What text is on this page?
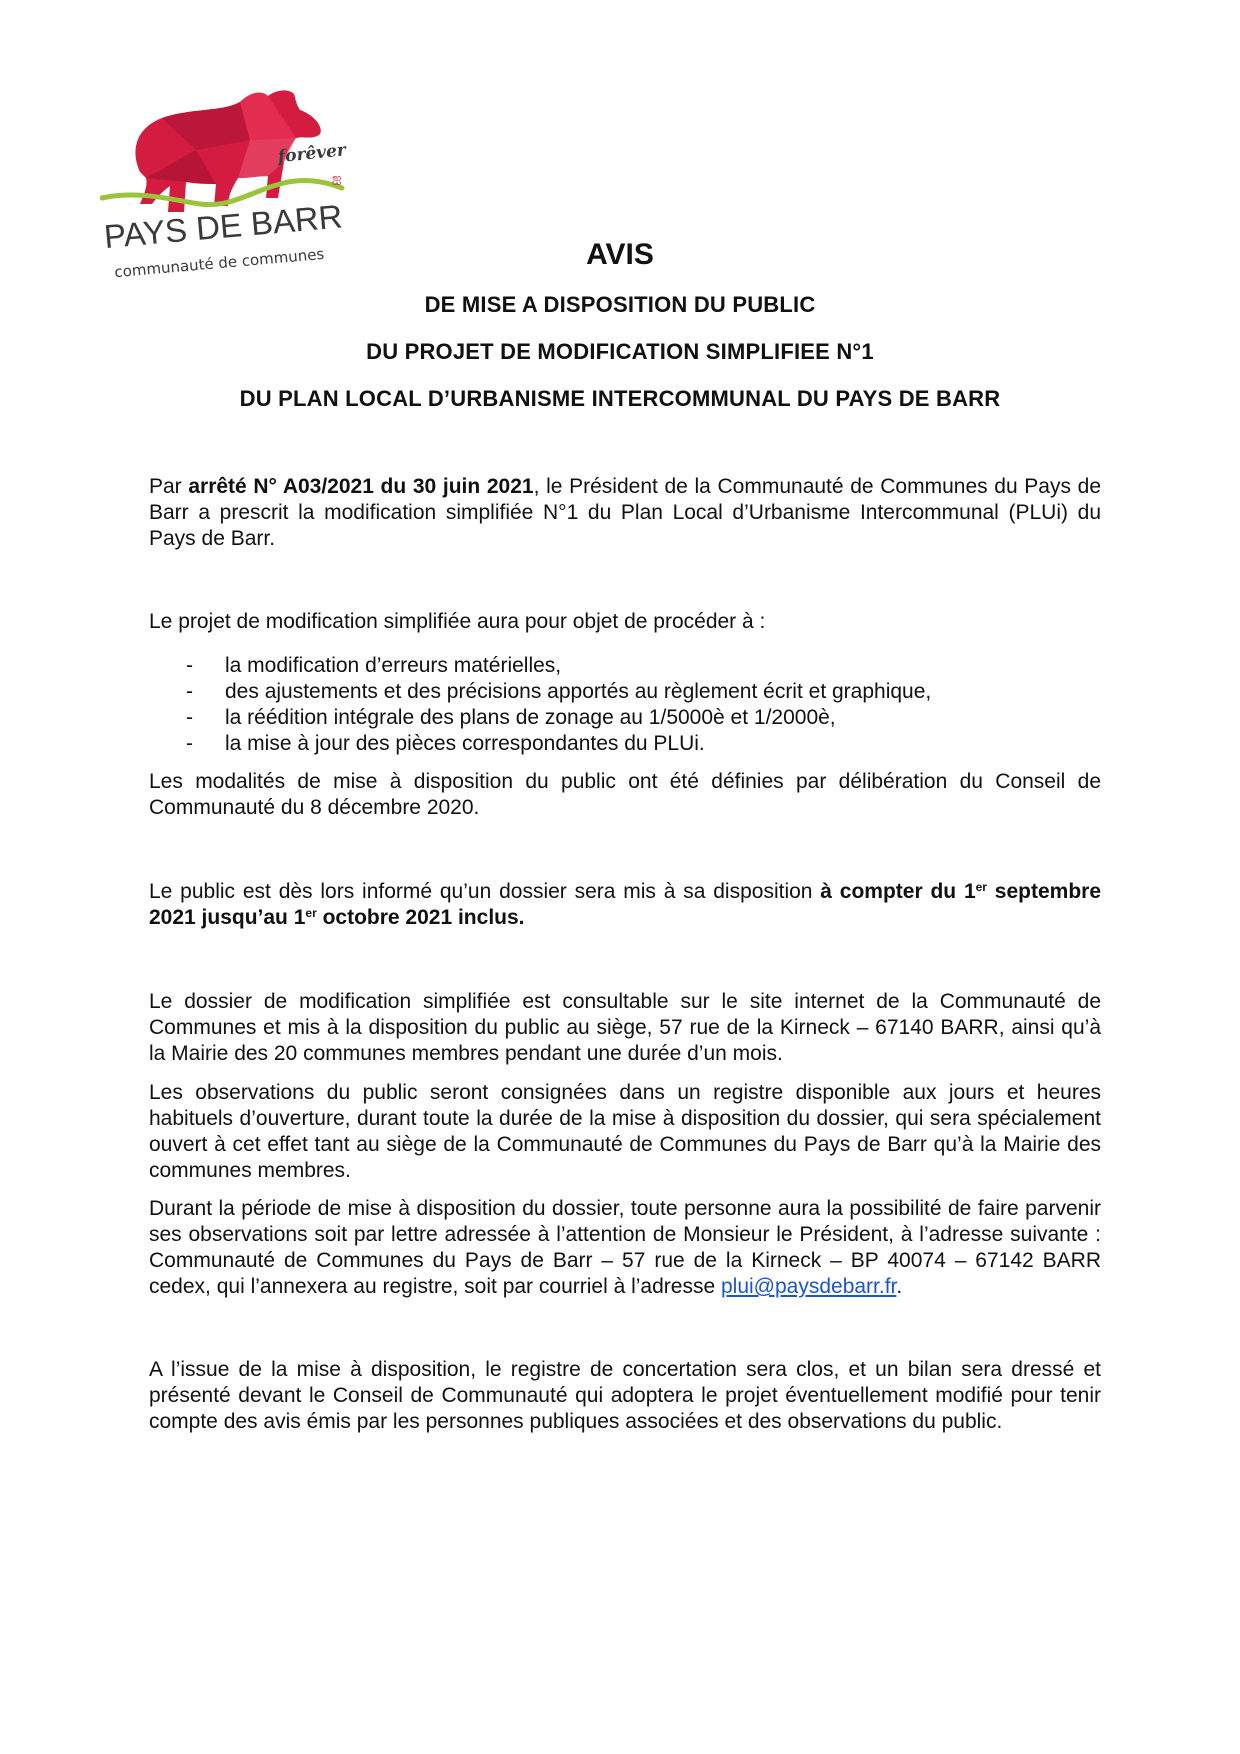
forêver
PAYS DE BARR
ஐ
communauté de communes	AVIS
DE MISE A DISPOSITION DU PUBLIC
DU PROJET DE MODIFICATION SIMPLIFIEE N°1
DU PLAN LOCAL D’URBANISME INTERCOMMUNAL DU PAYS DE BARR

Par arrêté N° A03/2021 du 30 juin 2021, le Président de la Communauté de Communes du Pays de Barr a prescrit la modification simplifiée N°1 du Plan Local d’Urbanisme Intercommunal (PLUi) du Pays de Barr.

Le projet de modification simplifiée aura pour objet de procéder à :

- la modification d’erreurs matérielles,
- des ajustements et des précisions apportés au règlement écrit et graphique,
- la réédition intégrale des plans de zonage au 1/5000è et 1/2000è,
- la mise à jour des pièces correspondantes du PLUi.

Les modalités de mise à disposition du public ont été définies par délibération du Conseil de Communauté du 8 décembre 2020.

Le public est dès lors informé qu’un dossier sera mis à sa disposition à compter du 1er septembre 2021 jusqu’au 1er octobre 2021 inclus.

Le dossier de modification simplifiée est consultable sur le site internet de la Communauté de Communes et mis à la disposition du public au siège, 57 rue de la Kirneck – 67140 BARR, ainsi qu’à la Mairie des 20 communes membres pendant une durée d’un mois.

Les observations du public seront consignées dans un registre disponible aux jours et heures habituels d’ouverture, durant toute la durée de la mise à disposition du dossier, qui sera spécialement ouvert à cet effet tant au siège de la Communauté de Communes du Pays de Barr qu’à la Mairie des communes membres.

Durant la période de mise à disposition du dossier, toute personne aura la possibilité de faire parvenir ses observations soit par lettre adressée à l’attention de Monsieur le Président, à l’adresse suivante : Communauté de Communes du Pays de Barr – 57 rue de la Kirneck – BP 40074 – 67142 BARR cedex, qui l’annexera au registre, soit par courriel à l’adresse plui@paysdebarr.fr.

A l’issue de la mise à disposition, le registre de concertation sera clos, et un bilan sera dressé et présenté devant le Conseil de Communauté qui adoptera le projet éventuellement modifié pour tenir compte des avis émis par les personnes publiques associées et des observations du public.
